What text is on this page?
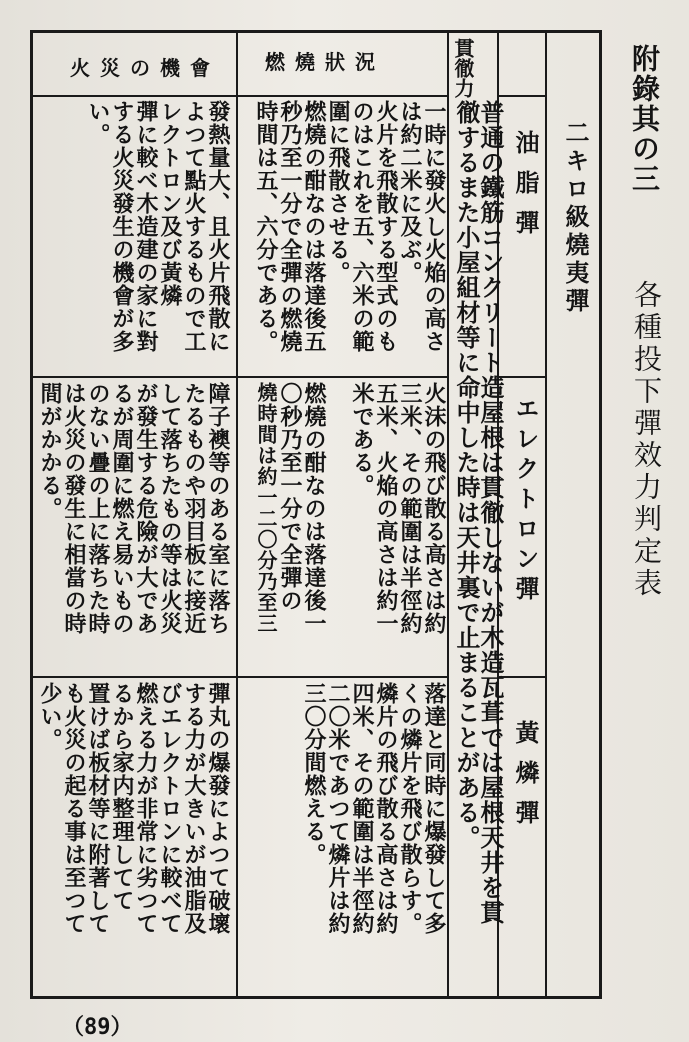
附錄其の三
各種投下彈效力判定表
二キロ級燒夷彈
貫徹力
燃燒狀況
火災の機會
油脂彈
エレクトロン彈
黃燐彈
普通の鐵筋コンクリート造屋根は貫徹しないが木造瓦葺では屋根天井を貫
徹するまた小屋組材等に命中した時は天井裏で止まることがある。
一時に發火し火焔の高さ
は約二米に及ぶ。
火片を飛散する型式のも
のはこれを五、六米の範
圍に飛散させる。
燃燒の酣なのは落達後五
秒乃至一分で全彈の燃燒
時間は五、六分である。
發熱量大、且火片飛散に
よつて點火するもので工
レクトロン及び黃燐
彈に較べ木造建の家に對
する火災發生の機會が多
い。
火沫の飛び散る高さは約
三米、その範圍は半徑約
五米、火焔の高さは約一
米である。
燃燒の酣なのは落達後一
〇秒乃至一分で全彈の
燒時間は約一二〇分乃至三
障子襖等のある室に落ち
たるものや羽目板に接近
して落ちたもの等は火災
が發生する危險が大であ
るが周圍に燃え易いもの
のない疊の上に落ちた時
は火災の發生に相當の時
間がかかる。
落達と同時に爆發して多
くの燐片を飛び散らす。
燐片の飛び散る高さは約
四米、その範圍は半徑約
二〇米であつて燐片は約
三〇分間燃える。
彈丸の爆發によつて破壞
する力が大きいが油脂及
びエレクトロンに較べて
燃える力が非常に劣つて
るから家内整理してて
置けば板材等に附著して
も火災の起る事は至つて
少い。
（89）
